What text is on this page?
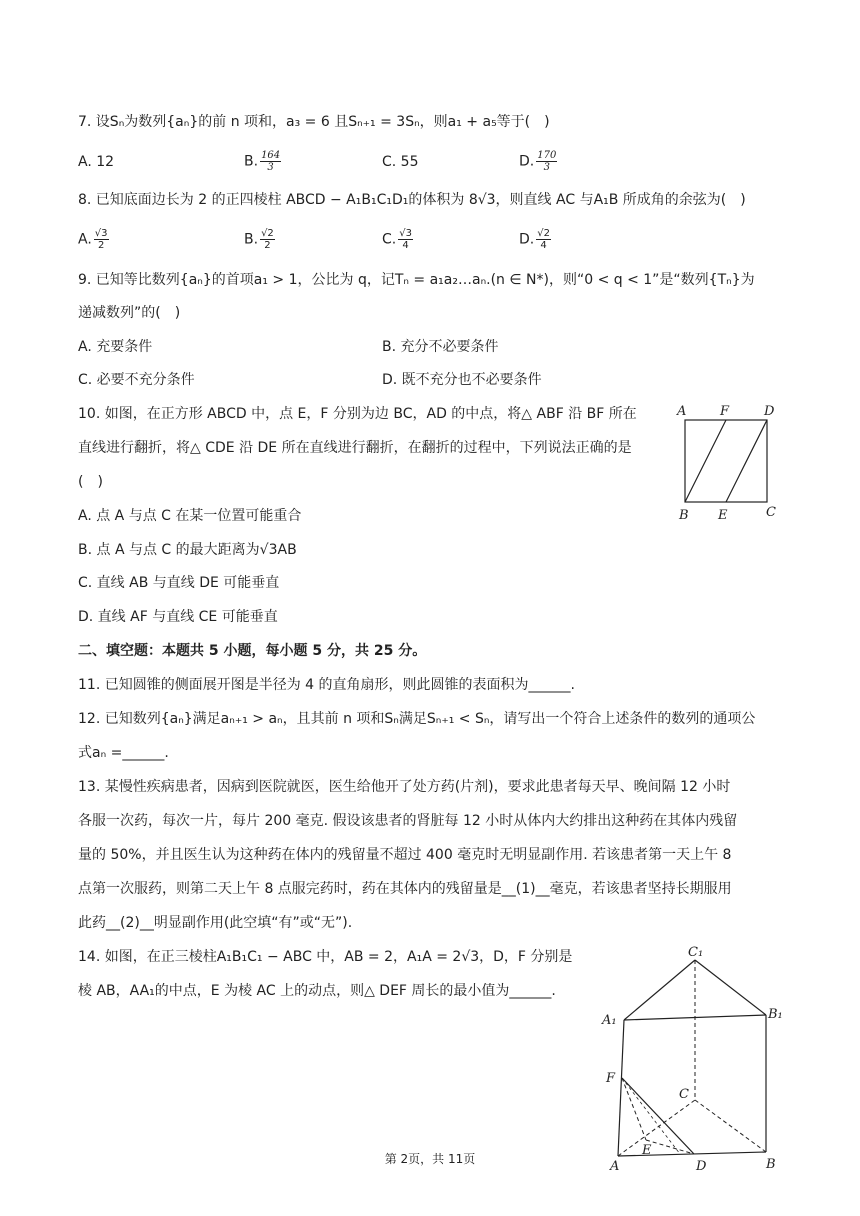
7. 设Sₙ为数列{aₙ}的前 n 项和，a₃ = 6 且Sₙ₊₁ = 3Sₙ，则a₁ + a₅等于( )
A. 12	B. $\frac{164}{3}$	C. 55	D. $\frac{170}{3}$
8. 已知底面边长为 2 的正四棱柱 ABCD − A₁B₁C₁D₁的体积为 8√3，则直线 AC 与A₁B 所成角的余弦为( )
A. $\frac{√3}{2}$	B. $\frac{√2}{2}$	C. $\frac{√3}{4}$	D. $\frac{√2}{4}$
9. 已知等比数列{aₙ}的首项a₁ > 1，公比为 q，记Tₙ = a₁a₂…aₙ.(n ∈ N*)，则“0 < q < 1”是“数列{Tₙ}为
递减数列”的( )
A. 充要条件	B. 充分不必要条件
C. 必要不充分条件	D. 既不充分也不必要条件
10. 如图，在正方形 ABCD 中，点 E，F 分别为边 BC，AD 的中点，将△ ABF 沿 BF 所在
直线进行翻折，将△ CDE 沿 DE 所在直线进行翻折，在翻折的过程中，下列说法正确的是
( )
A. 点 A 与点 C 在某一位置可能重合
B. 点 A 与点 C 的最大距离为√3AB
C. 直线 AB 与直线 DE 可能垂直
D. 直线 AF 与直线 CE 可能垂直
A	F	D
B E	C
二、填空题：本题共 5 小题，每小题 5 分，共 25 分。
11. 已知圆锥的侧面展开图是半径为 4 的直角扇形，则此圆锥的表面积为______.
12. 已知数列{aₙ}满足aₙ₊₁ > aₙ，且其前 n 项和Sₙ满足Sₙ₊₁ < Sₙ，请写出一个符合上述条件的数列的通项公
式aₙ =______.
13. 某慢性疾病患者，因病到医院就医，医生给他开了处方药(片剂)，要求此患者每天早、晚间隔 12 小时
各服一次药，每次一片，每片 200 毫克. 假设该患者的肾脏每 12 小时从体内大约排出这种药在其体内残留
量的 50%，并且医生认为这种药在体内的残留量不超过 400 毫克时无明显副作用. 若该患者第一天上午 8
点第一次服药，则第二天上午 8 点服完药时，药在其体内的残留量是__(1)__毫克，若该患者坚持长期服用
此药__(2)__明显副作用(此空填“有”或“无”).
14. 如图，在正三棱柱A₁B₁C₁ − ABC 中，AB = 2，A₁A = 2√3，D，F 分别是
棱 AB，AA₁的中点，E 为棱 AC 上的动点，则△ DEF 周长的最小值为______.
C₁
A₁	B₁
F
C
E
A	D	B
第 2页，共 11页
